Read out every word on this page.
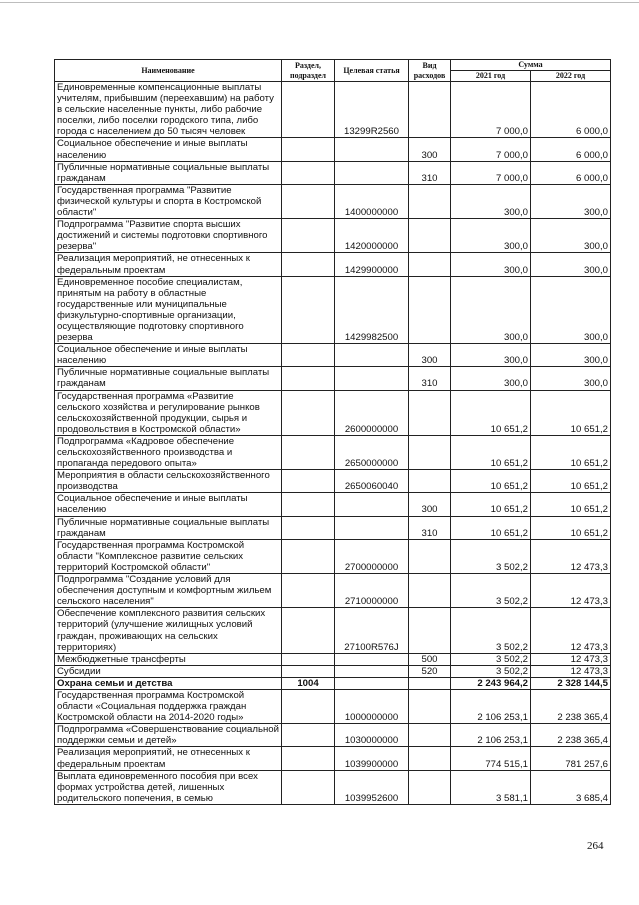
Наименование	Раздел, подраздел	Целевая статья	Вид расходов	Сумма	
				2021 год	2022 год
Единовременные компенсационные выплаты учителям, прибывшим (переехавшим) на работу в сельские населенные пункты, либо рабочие поселки, либо поселки городского типа, либо города с населением до 50 тысяч человек		13299R2560		7 000,0	6 000,0
Социальное обеспечение и иные выплаты населению			300	7 000,0	6 000,0
Публичные нормативные социальные выплаты гражданам			310	7 000,0	6 000,0
Государственная программа "Развитие физической культуры и спорта в Костромской области"		1400000000		300,0	300,0
Подпрограмма "Развитие спорта высших достижений и системы подготовки спортивного резерва"		1420000000		300,0	300,0
Реализация мероприятий, не отнесенных к федеральным проектам		1429900000		300,0	300,0
Единовременное пособие специалистам, принятым на работу в областные государственные или муниципальные физкультурно-спортивные организации, осуществляющие подготовку спортивного резерва		1429982500		300,0	300,0
Социальное обеспечение и иные выплаты населению			300	300,0	300,0
Публичные нормативные социальные выплаты гражданам			310	300,0	300,0
Государственная программа «Развитие сельского хозяйства и регулирование рынков сельскохозяйственной продукции, сырья и продовольствия в Костромской области»		2600000000		10 651,2	10 651,2
Подпрограмма «Кадровое обеспечение сельскохозяйственного производства и пропаганда передового опыта»		2650000000		10 651,2	10 651,2
Мероприятия в области сельскохозяйственного производства		2650060040		10 651,2	10 651,2
Социальное обеспечение и иные выплаты населению			300	10 651,2	10 651,2
Публичные нормативные социальные выплаты гражданам			310	10 651,2	10 651,2
Государственная программа Костромской области "Комплексное развитие сельских территорий Костромской области"		2700000000		3 502,2	12 473,3
Подпрограмма "Создание условий для обеспечения доступным и комфортным жильем сельского населения"		2710000000		3 502,2	12 473,3
Обеспечение комплексного развития сельских территорий (улучшение жилищных условий граждан, проживающих на сельских территориях)		27100R576J		3 502,2	12 473,3
Межбюджетные трансферты			500	3 502,2	12 473,3
Субсидии			520	3 502,2	12 473,3
Охрана семьи и детства	1004			2 243 964,2	2 328 144,5
Государственная программа Костромской области «Социальная поддержка граждан Костромской области на 2014-2020 годы»		1000000000		2 106 253,1	2 238 365,4
Подпрограмма «Совершенствование социальной поддержки семьи и детей»		1030000000		2 106 253,1	2 238 365,4
Реализация мероприятий, не отнесенных к федеральным проектам		1039900000		774 515,1	781 257,6
Выплата единовременного пособия при всех формах устройства детей, лишенных родительского попечения, в семью		1039952600		3 581,1	3 685,4
264
